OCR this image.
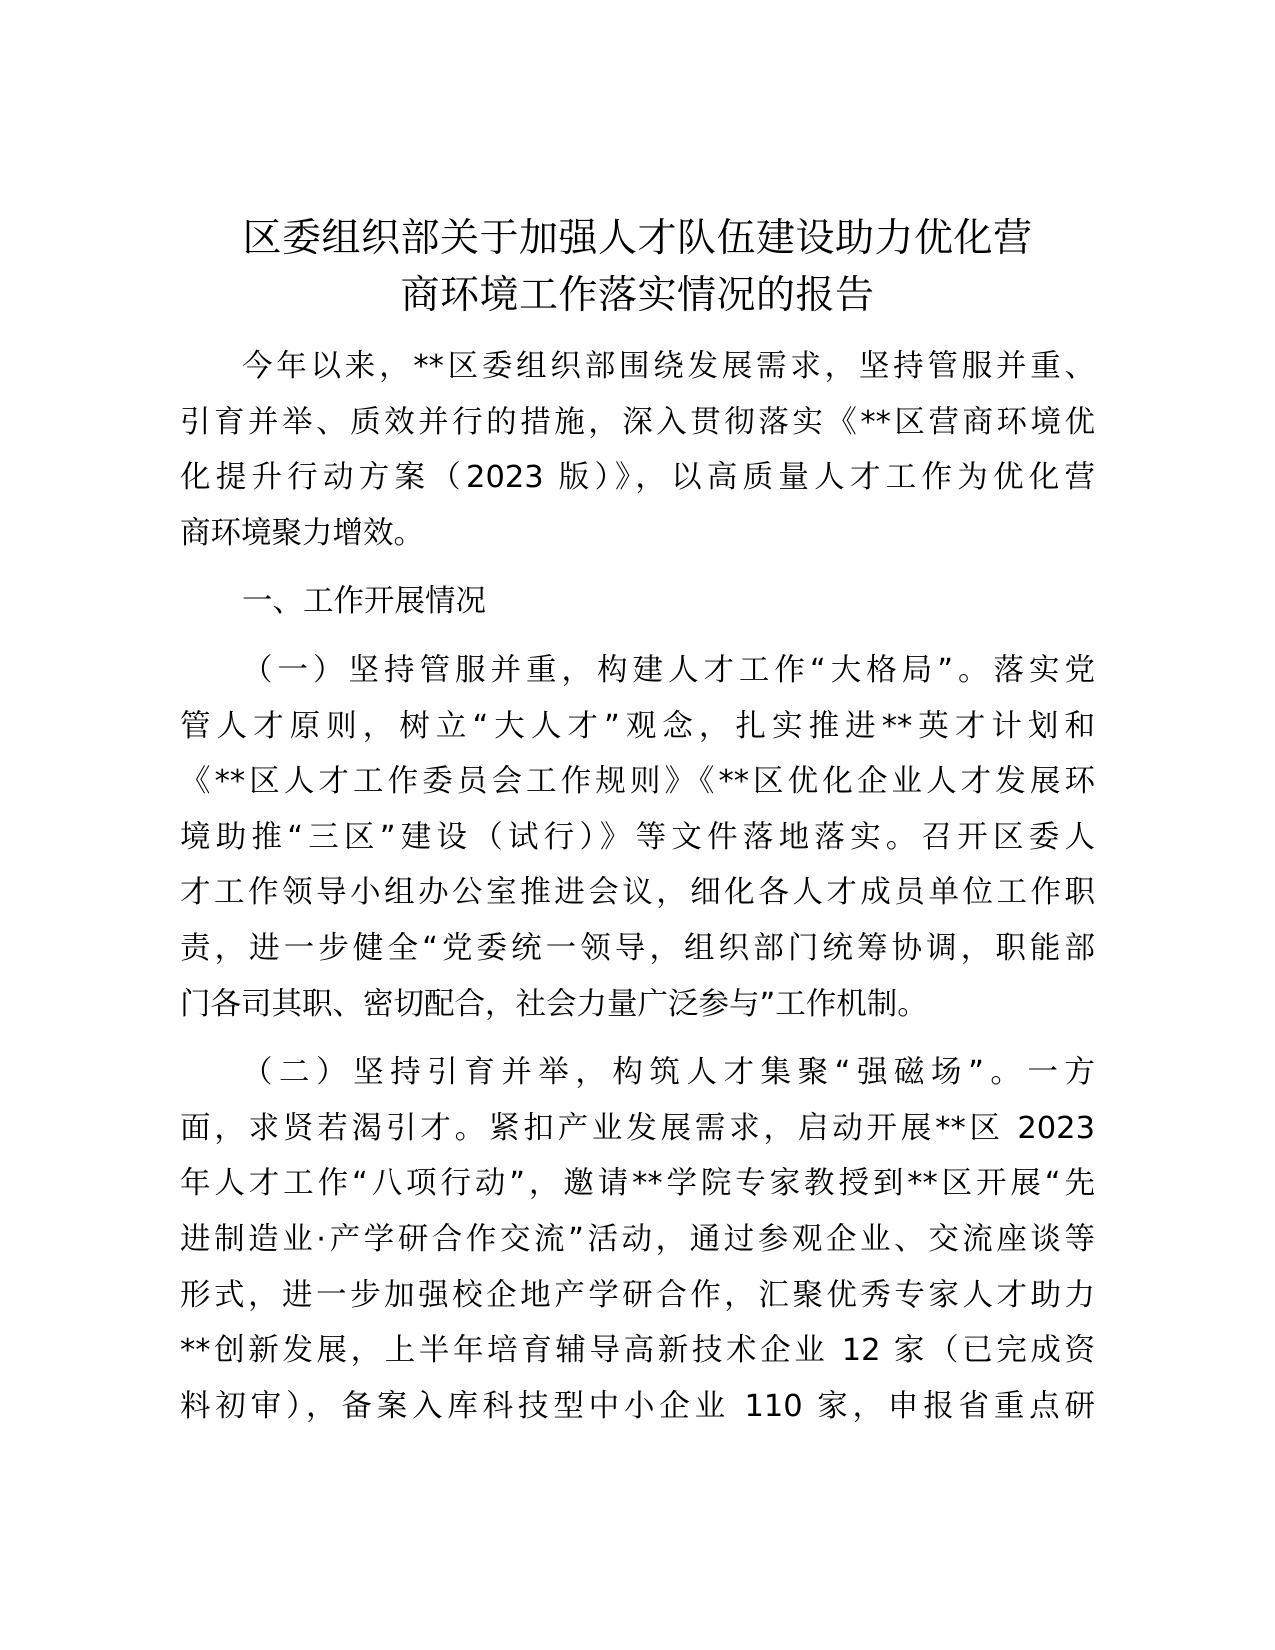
区委组织部关于加强人才队伍建设助力优化营
商环境工作落实情况的报告
今年以来，**区委组织部围绕发展需求，坚持管服并重、
引育并举、质效并行的措施，深入贯彻落实《**区营商环境优
化提升行动方案（2023 版）》，以高质量人才工作为优化营
商环境聚力增效。
一、工作开展情况
（一）坚持管服并重，构建人才工作“大格局”。落实党
管人才原则，树立“大人才”观念，扎实推进**英才计划和
《**区人才工作委员会工作规则》《**区优化企业人才发展环
境助推“三区”建设（试行）》等文件落地落实。召开区委人
才工作领导小组办公室推进会议，细化各人才成员单位工作职
责，进一步健全“党委统一领导，组织部门统筹协调，职能部
门各司其职、密切配合，社会力量广泛参与”工作机制。
（二）坚持引育并举，构筑人才集聚“强磁场”。一方
面，求贤若渴引才。紧扣产业发展需求，启动开展**区 2023
年人才工作“八项行动”，邀请**学院专家教授到**区开展“先
进制造业·产学研合作交流”活动，通过参观企业、交流座谈等
形式，进一步加强校企地产学研合作，汇聚优秀专家人才助力
**创新发展，上半年培育辅导高新技术企业 12 家（已完成资
料初审），备案入库科技型中小企业 110 家，申报省重点研
